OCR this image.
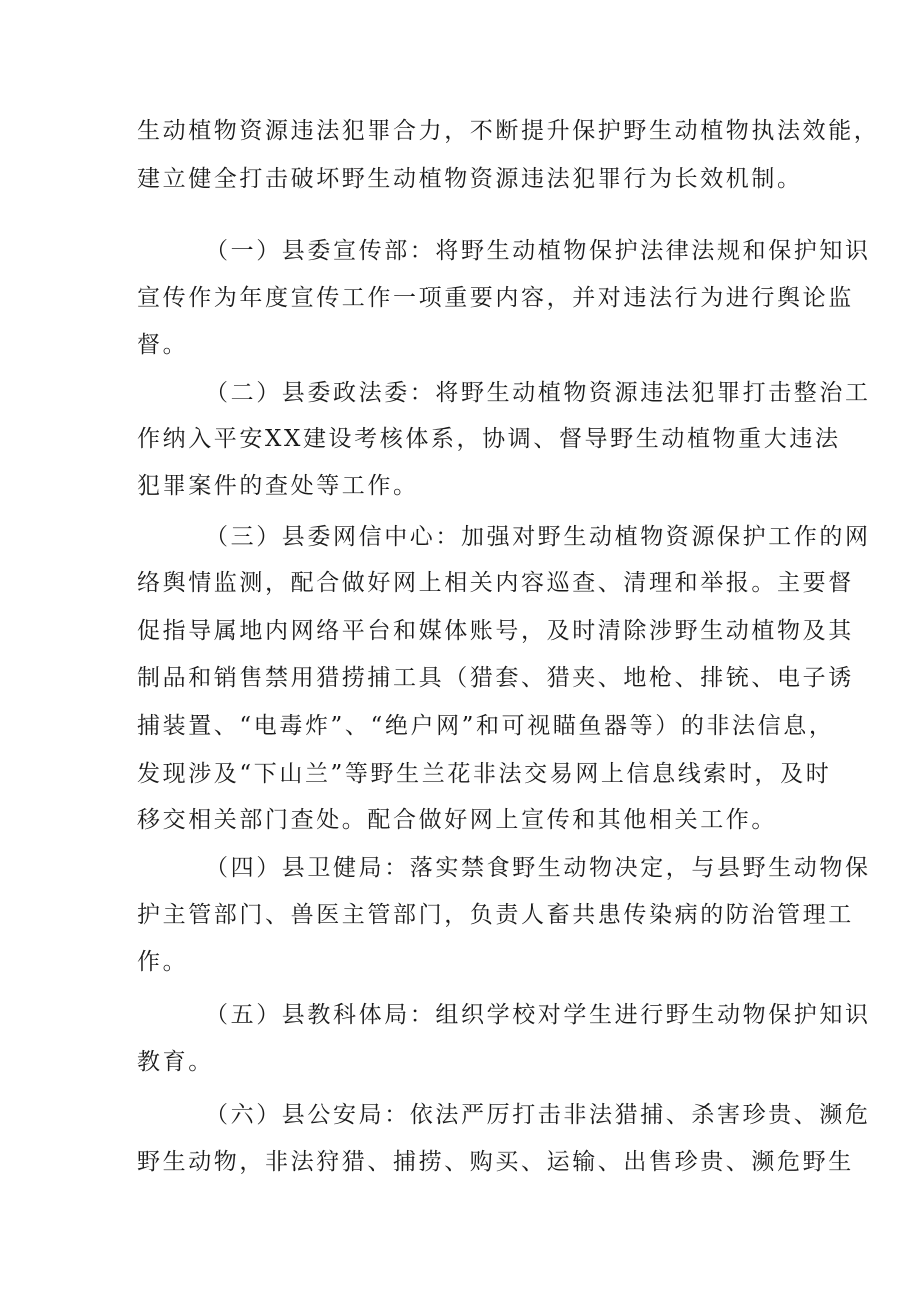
生动植物资源违法犯罪合力，不断提升保护野生动植物执法效能，
建立健全打击破坏野生动植物资源违法犯罪行为长效机制。
（一）县委宣传部：将野生动植物保护法律法规和保护知识
宣传作为年度宣传工作一项重要内容，并对违法行为进行舆论监
督。
（二）县委政法委：将野生动植物资源违法犯罪打击整治工
作纳入平安XX建设考核体系，协调、督导野生动植物重大违法
犯罪案件的查处等工作。
（三）县委网信中心：加强对野生动植物资源保护工作的网
络舆情监测，配合做好网上相关内容巡查、清理和举报。主要督
促指导属地内网络平台和媒体账号，及时清除涉野生动植物及其
制品和销售禁用猎捞捕工具（猎套、猎夹、地枪、排铳、电子诱
捕装置、“电毒炸”、“绝户网”和可视瞄鱼器等）的非法信息，
发现涉及“下山兰”等野生兰花非法交易网上信息线索时，及时
移交相关部门查处。配合做好网上宣传和其他相关工作。
（四）县卫健局：落实禁食野生动物决定，与县野生动物保
护主管部门、兽医主管部门，负责人畜共患传染病的防治管理工
作。
（五）县教科体局：组织学校对学生进行野生动物保护知识
教育。
（六）县公安局：依法严厉打击非法猎捕、杀害珍贵、濒危
野生动物，非法狩猎、捕捞、购买、运输、出售珍贵、濒危野生
